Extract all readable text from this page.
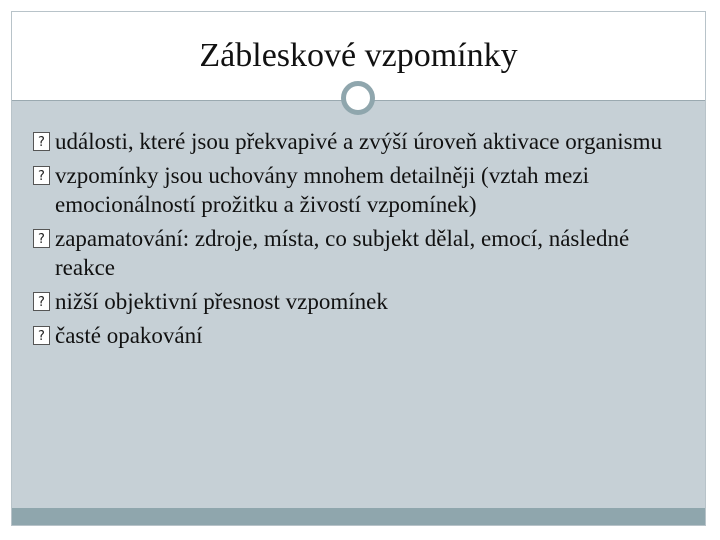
Zábleskové vzpomínky
?
události, které jsou překvapivé a zvýší úroveň aktivace organismu
?
vzpomínky jsou uchovány mnohem detailněji (vztah mezi emocionálností prožitku a živostí vzpomínek)
?
zapamatování: zdroje, místa, co subjekt dělal, emocí, následné reakce
?
nižší objektivní přesnost vzpomínek
?
časté opakování
